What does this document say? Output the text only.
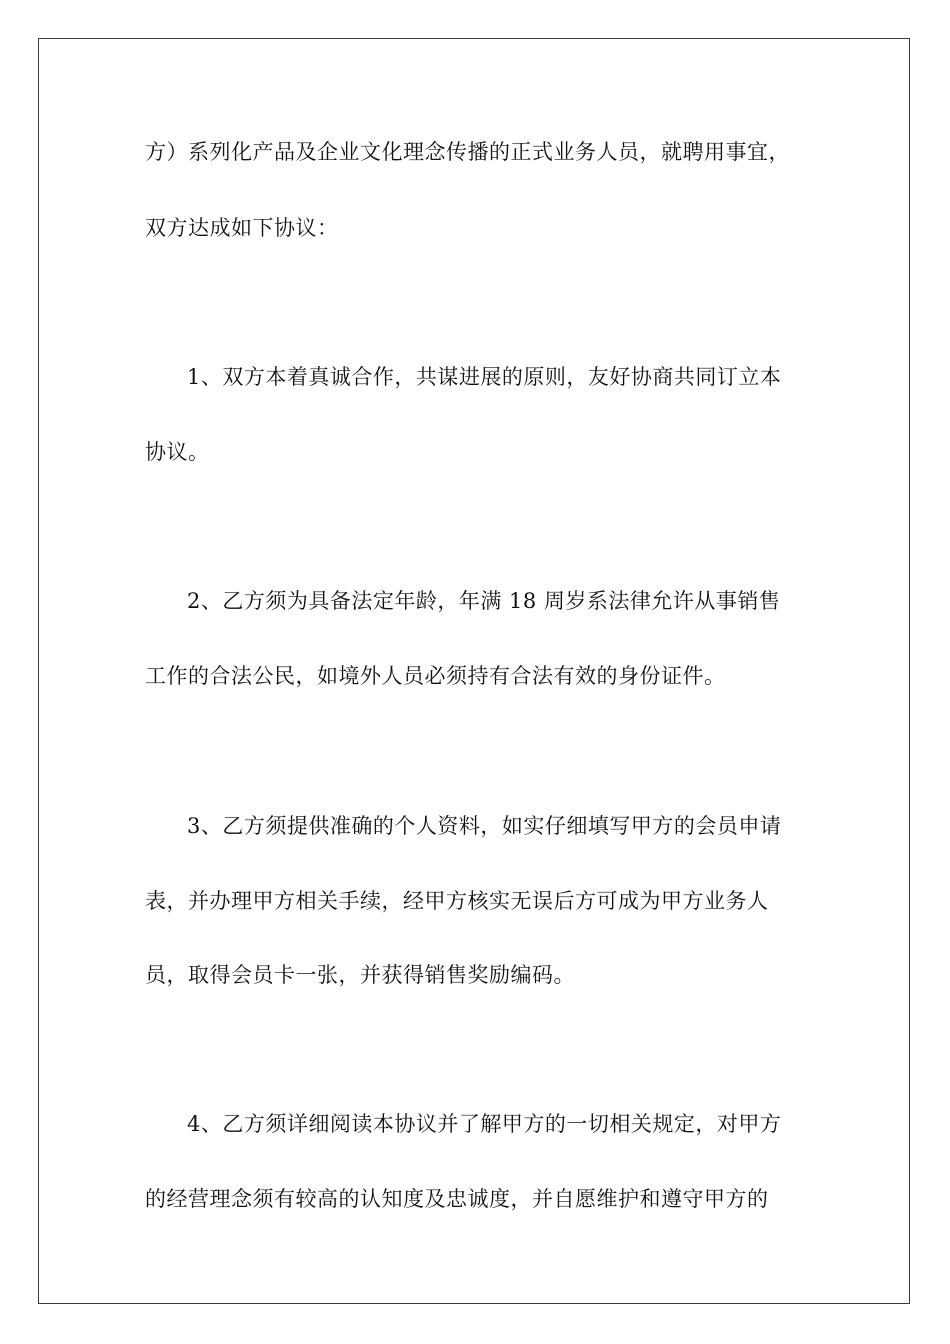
方）系列化产品及企业文化理念传播的正式业务人员，就聘用事宜，
双方达成如下协议：
1、双方本着真诚合作，共谋进展的原则，友好协商共同订立本
协议。
2、乙方须为具备法定年龄，年满 18 周岁系法律允许从事销售
工作的合法公民，如境外人员必须持有合法有效的身份证件。
3、乙方须提供准确的个人资料，如实仔细填写甲方的会员申请
表，并办理甲方相关手续，经甲方核实无误后方可成为甲方业务人
员，取得会员卡一张，并获得销售奖励编码。
4、乙方须详细阅读本协议并了解甲方的一切相关规定，对甲方
的经营理念须有较高的认知度及忠诚度，并自愿维护和遵守甲方的
